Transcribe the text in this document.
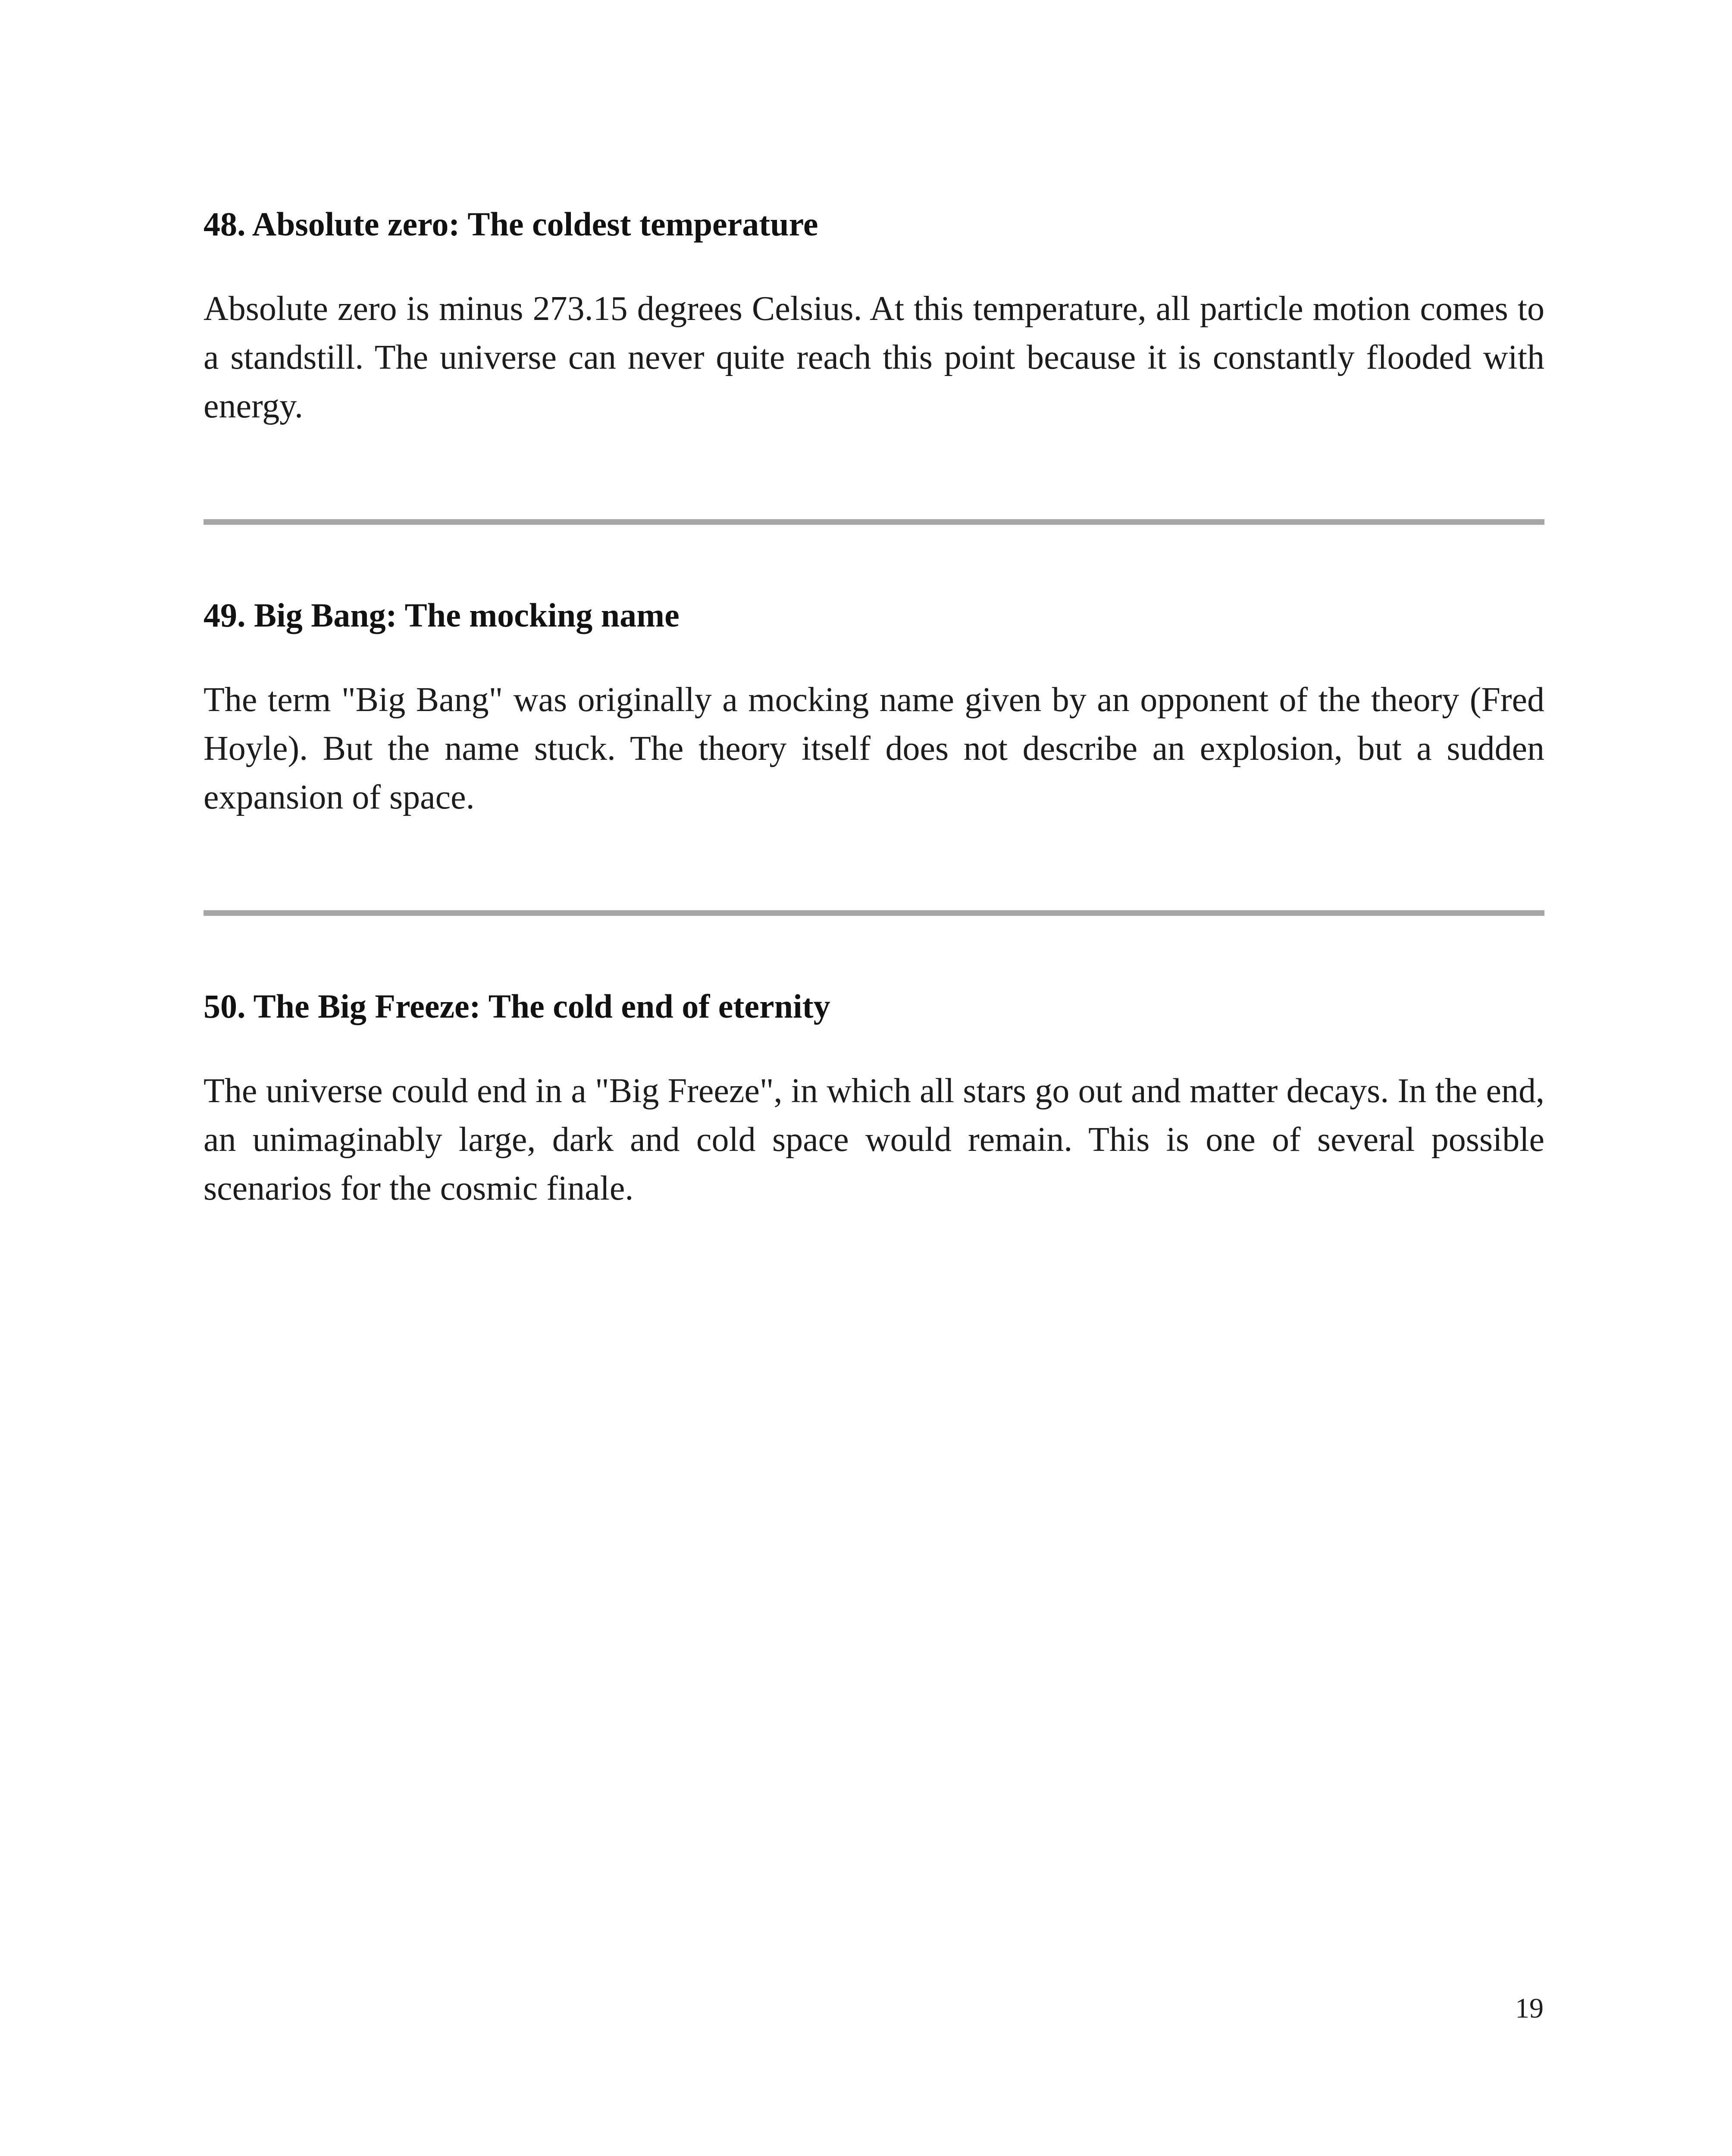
48. Absolute zero: The coldest temperature

Absolute zero is minus 273.15 degrees Celsius. At this temperature, all particle motion comes to a standstill. The universe can never quite reach this point because it is constantly flooded with energy.

49. Big Bang: The mocking name

The term "Big Bang" was originally a mocking name given by an opponent of the theory (Fred Hoyle). But the name stuck. The theory itself does not describe an explosion, but a sudden expansion of space.

50. The Big Freeze: The cold end of eternity

The universe could end in a "Big Freeze", in which all stars go out and matter decays. In the end, an unimaginably large, dark and cold space would remain. This is one of several possible scenarios for the cosmic finale.

19
